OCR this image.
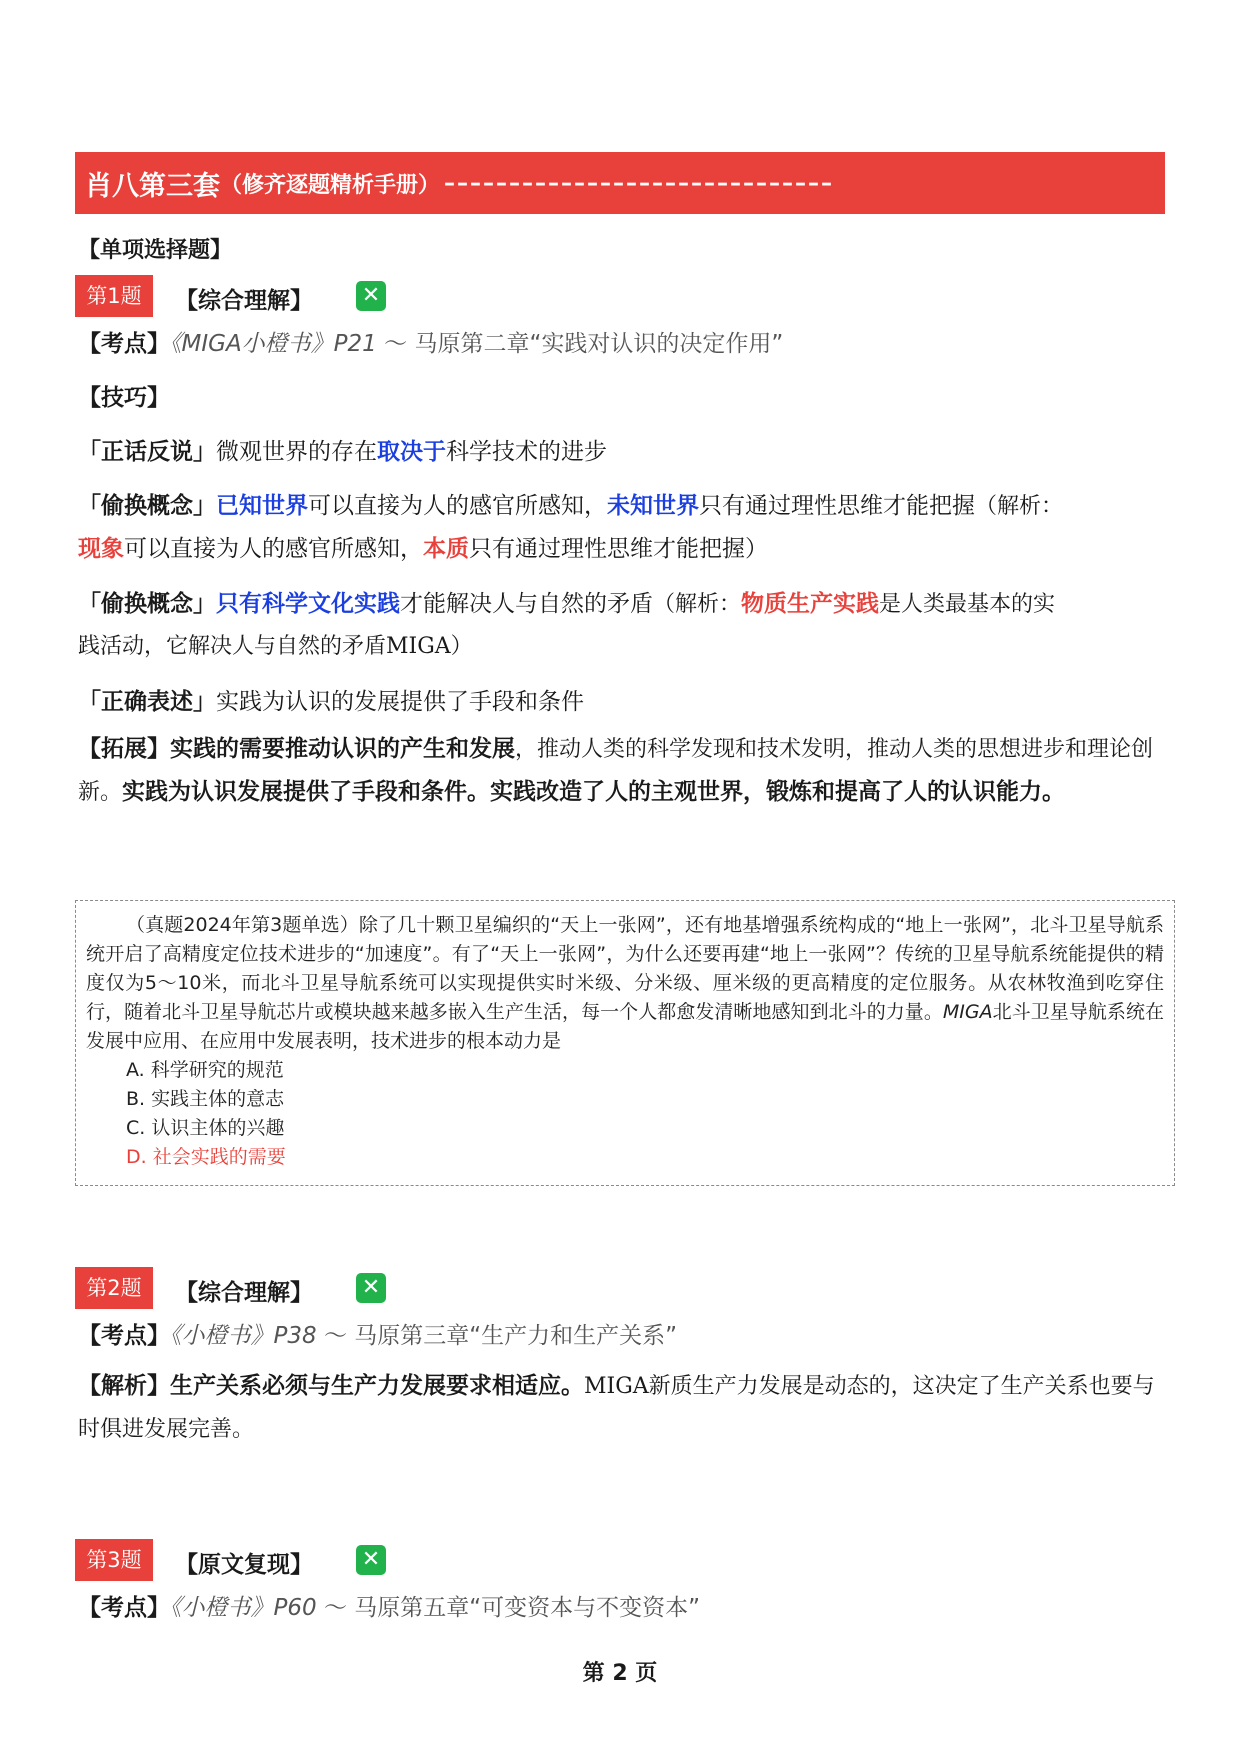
肖八第三套 （修齐逐题精析手册） ––––––––––––––––––––––––––––––
【单项选择题】
第1题	【综合理解】 ✕
【考点】《MIGA小橙书》P21 ～ 马原第二章“实践对认识的决定作用”
【技巧】
「正话反说」微观世界的存在取决于科学技术的进步
「偷换概念」已知世界可以直接为人的感官所感知，未知世界只有通过理性思维才能把握（解析：
现象可以直接为人的感官所感知，本质只有通过理性思维才能把握）
「偷换概念」只有科学文化实践才能解决人与自然的矛盾（解析：物质生产实践是人类最基本的实
践活动，它解决人与自然的矛盾MIGA）
「正确表述」实践为认识的发展提供了手段和条件
【拓展】实践的需要推动认识的产生和发展，推动人类的科学发现和技术发明，推动人类的思想进步和理论创新。实践为认识发展提供了手段和条件。实践改造了人的主观世界，锻炼和提高了人的认识能力。
（真题2024年第3题单选）除了几十颗卫星编织的“天上一张网”，还有地基增强系统构成的“地上一张网”，北斗卫星导航系统开启了高精度定位技术进步的“加速度”。有了“天上一张网”，为什么还要再建“地上一张网”？传统的卫星导航系统能提供的精度仅为5～10米，而北斗卫星导航系统可以实现提供实时米级、分米级、厘米级的更高精度的定位服务。从农林牧渔到吃穿住行，随着北斗卫星导航芯片或模块越来越多嵌入生产生活，每一个人都愈发清晰地感知到北斗的力量。MIGA北斗卫星导航系统在发展中应用、在应用中发展表明，技术进步的根本动力是
A. 科学研究的规范
B. 实践主体的意志
C. 认识主体的兴趣
D. 社会实践的需要
第2题	【综合理解】 ✕
【考点】《小橙书》P38 ～ 马原第三章“生产力和生产关系”
【解析】生产关系必须与生产力发展要求相适应。MIGA新质生产力发展是动态的，这决定了生产关系也要与时俱进发展完善。
第3题	【原文复现】 ✕
【考点】《小橙书》P60 ～ 马原第五章“可变资本与不变资本”
第 2 页
